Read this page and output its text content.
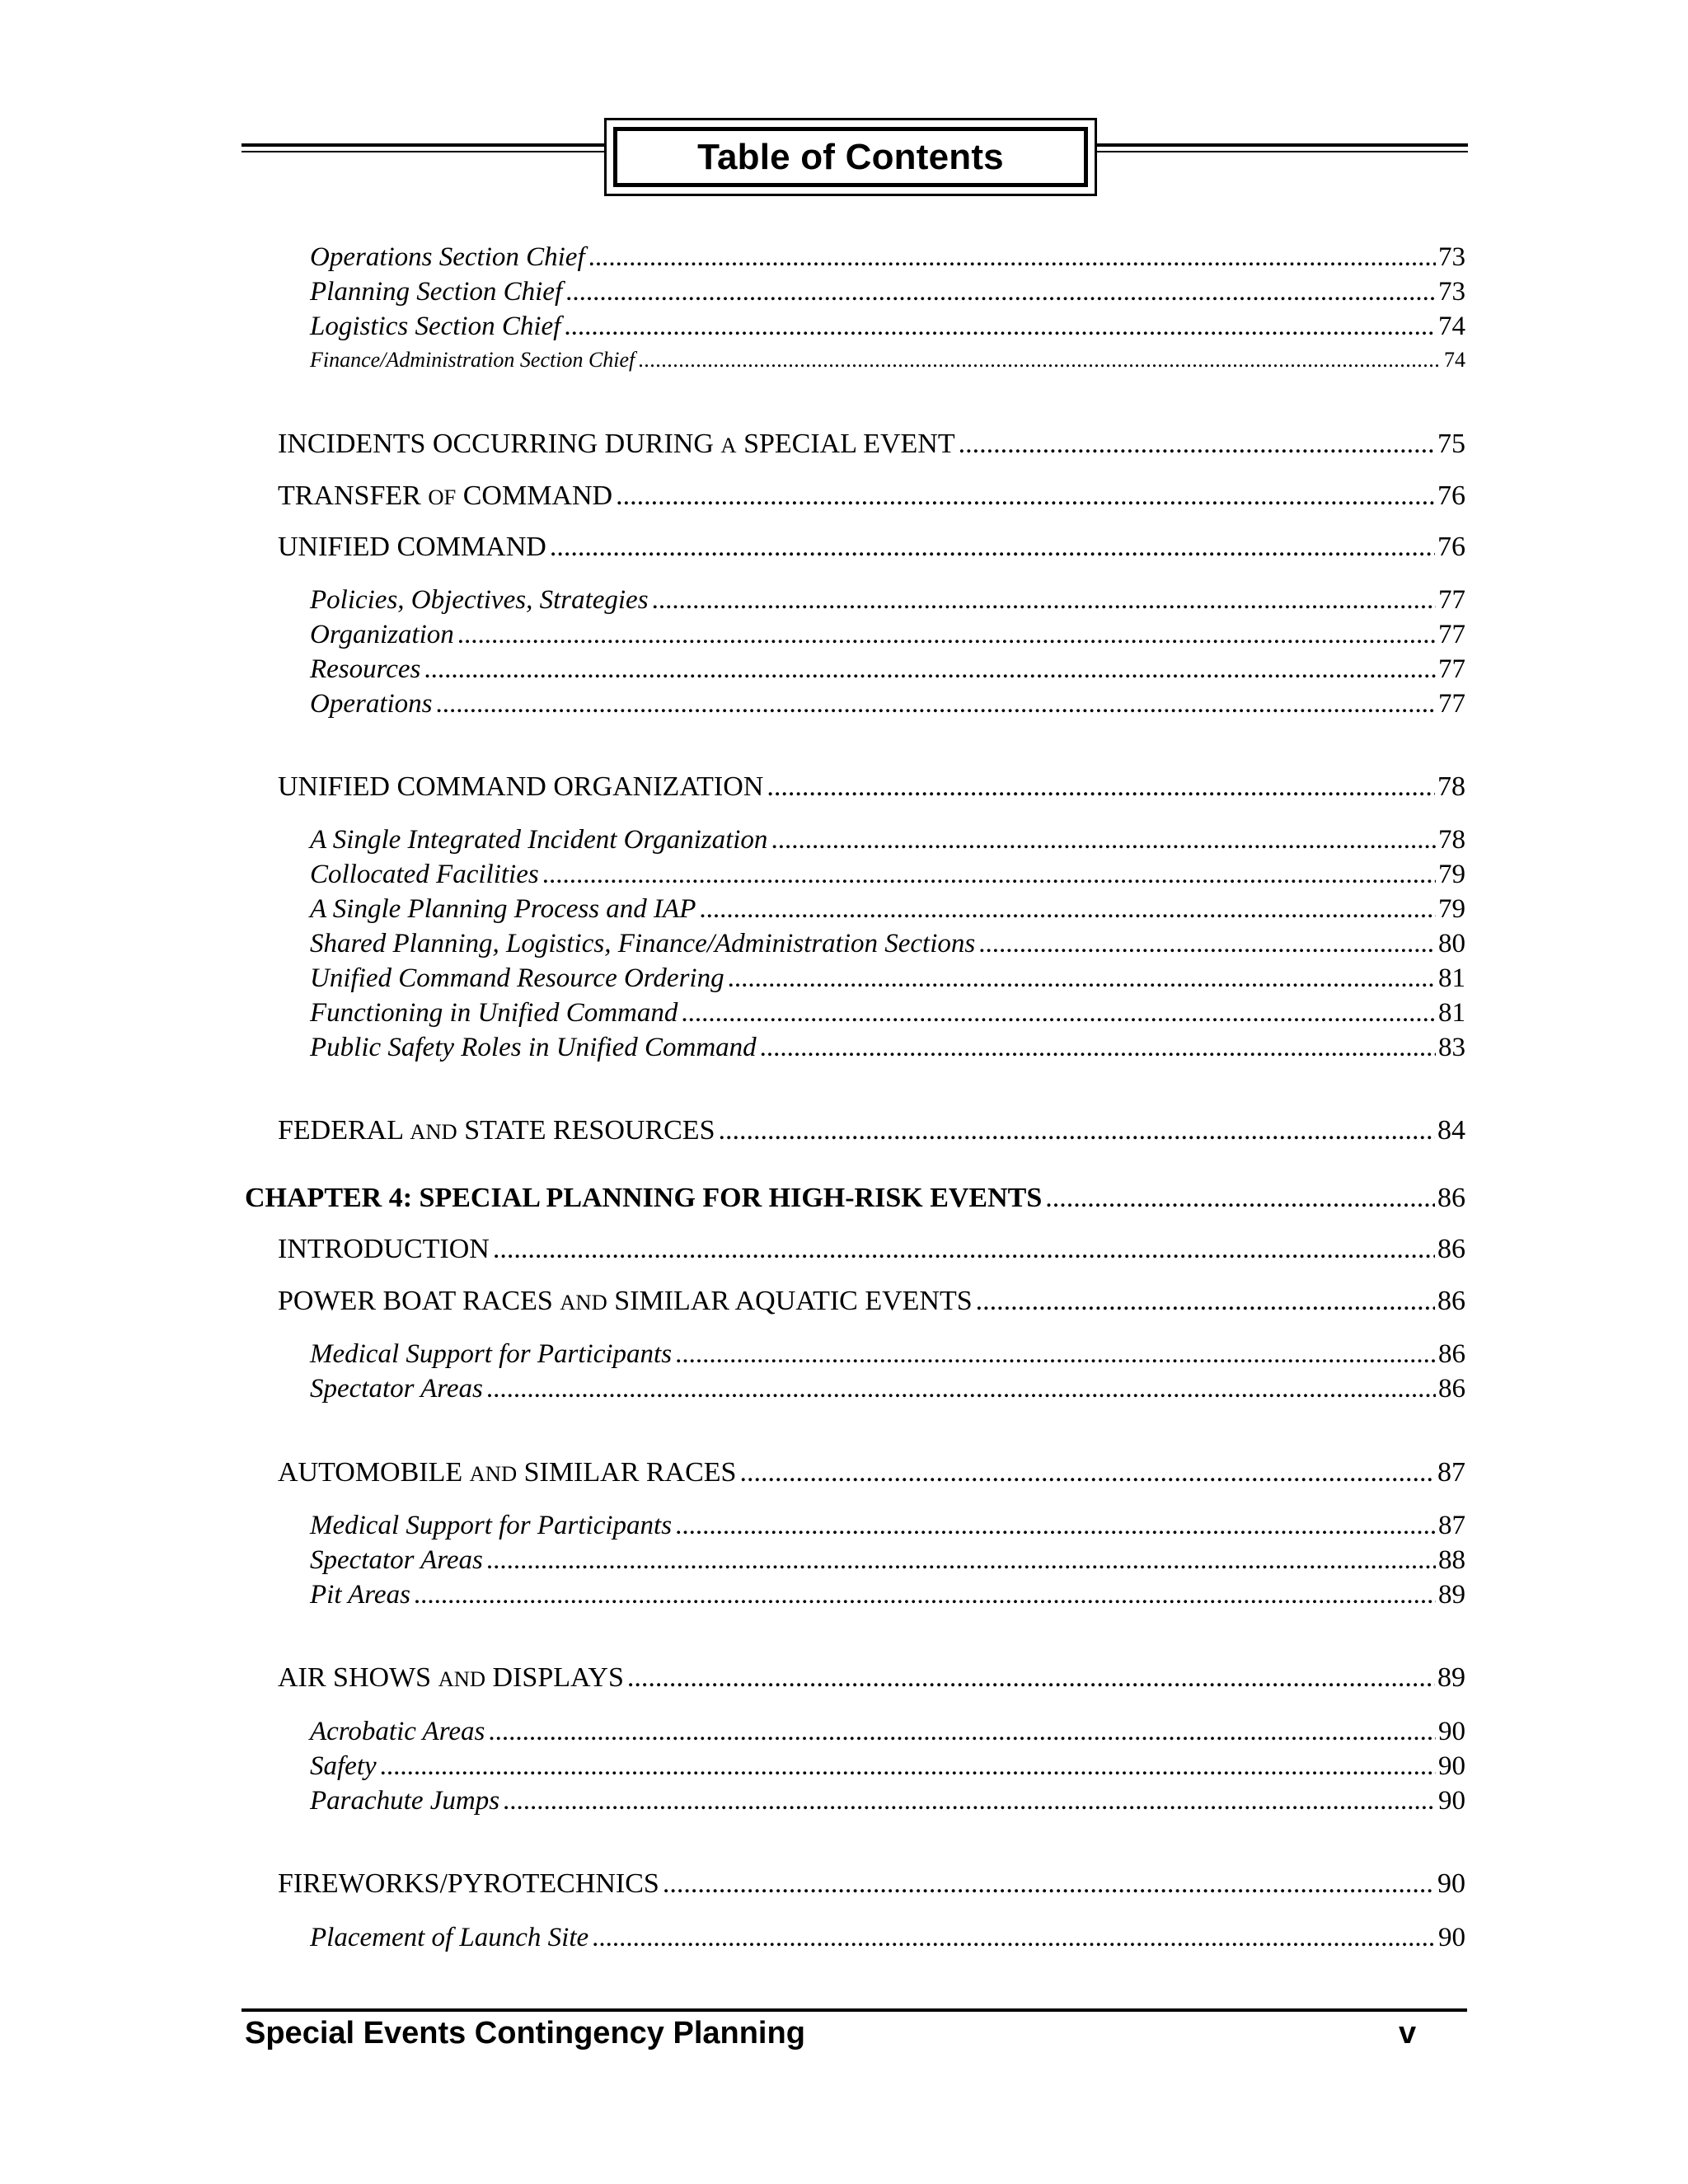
Table of Contents
Operations Section Chief .....	73
Planning Section Chief .....	73
Logistics Section Chief .....	74
Finance/Administration Section Chief .....	74
INCIDENTS OCCURRING DURING A SPECIAL EVENT .....	75
TRANSFER OF COMMAND .....	76
UNIFIED COMMAND .....	76
Policies, Objectives, Strategies .....	77
Organization .....	77
Resources .....	77
Operations .....	77
UNIFIED COMMAND ORGANIZATION .....	78
A Single Integrated Incident Organization .....	78
Collocated Facilities .....	79
A Single Planning Process and IAP .....	79
Shared Planning, Logistics, Finance/Administration Sections .....	80
Unified Command Resource Ordering .....	81
Functioning in Unified Command .....	81
Public Safety Roles in Unified Command .....	83
FEDERAL AND STATE RESOURCES .....	84
CHAPTER 4: SPECIAL PLANNING FOR HIGH-RISK EVENTS .....	86
INTRODUCTION .....	86
POWER BOAT RACES AND SIMILAR AQUATIC EVENTS .....	86
Medical Support for Participants .....	86
Spectator Areas .....	86
AUTOMOBILE AND SIMILAR RACES .....	87
Medical Support for Participants .....	87
Spectator Areas .....	88
Pit Areas .....	89
AIR SHOWS AND DISPLAYS .....	89
Acrobatic Areas .....	90
Safety .....	90
Parachute Jumps .....	90
FIREWORKS/PYROTECHNICS .....	90
Placement of Launch Site .....	90
Special Events Contingency Planning	v
